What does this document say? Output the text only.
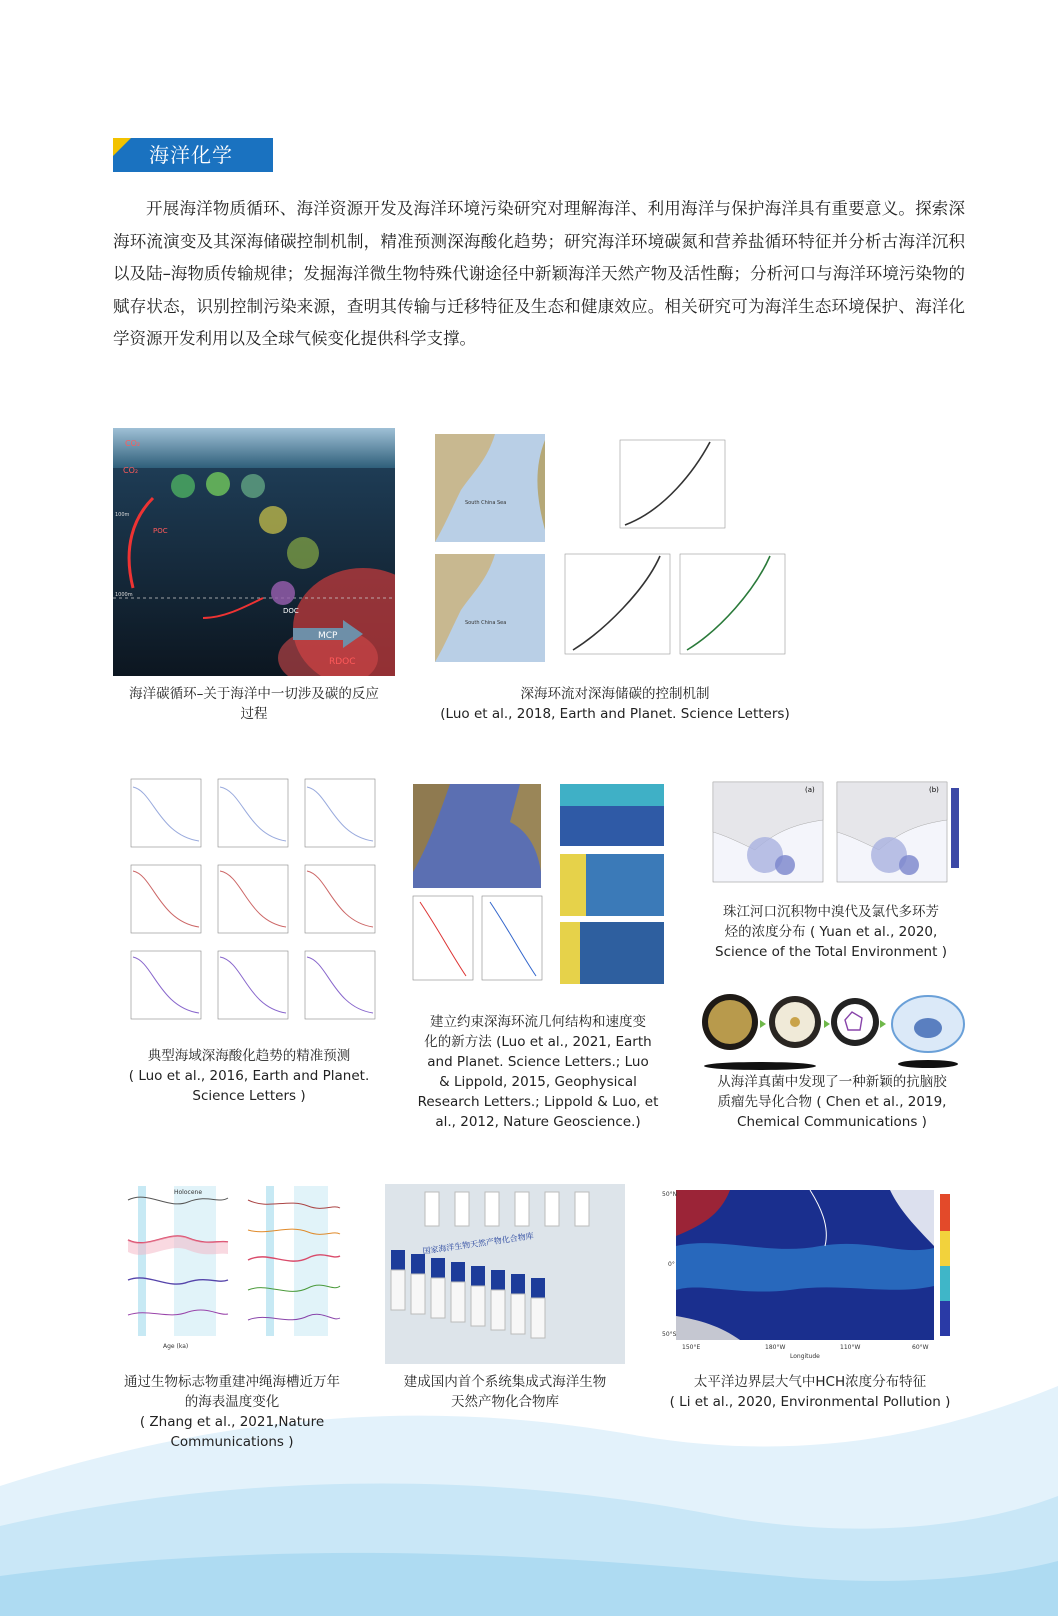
海洋化学
开展海洋物质循环、海洋资源开发及海洋环境污染研究对理解海洋、利用海洋与保护海洋具有重要意义。探索深海环流演变及其深海储碳控制机制，精准预测深海酸化趋势；研究海洋环境碳氮和营养盐循环特征并分析古海洋沉积以及陆–海物质传输规律；发掘海洋微生物特殊代谢途径中新颖海洋天然产物及活性酶；分析河口与海洋环境污染物的赋存状态，识别控制污染来源，查明其传输与迁移特征及生态和健康效应。相关研究可为海洋生态环境保护、海洋化学资源开发利用以及全球气候变化提供科学支撑。
CO₂
CO₂
POC
DOC
MCP
RDOC
100m
1000m
海洋碳循环–关于海洋中一切涉及碳的反应
过程
South China Sea
South China Sea
深海环流对深海储碳的控制机制
(Luo et al., 2018, Earth and Planet. Science Letters)
典型海域深海酸化趋势的精准预测
( Luo et al., 2016, Earth and Planet.
Science Letters )
建立约束深海环流几何结构和速度变
化的新方法 (Luo et al., 2021, Earth
and Planet. Science Letters.; Luo
& Lippold, 2015, Geophysical
Research Letters.; Lippold & Luo, et
al., 2012, Nature Geoscience.)
(a)	(b)
珠江河口沉积物中溴代及氯代多环芳
烃的浓度分布 ( Yuan et al., 2020,
Science of the Total Environment )
从海洋真菌中发现了一种新颖的抗脑胶
质瘤先导化合物 ( Chen et al., 2019,
Chemical Communications )
Holocene
Age (ka)
通过生物标志物重建冲绳海槽近万年
的海表温度变化
( Zhang et al., 2021,Nature
Communications )
国家海洋生物天然产物化合物库
建成国内首个系统集成式海洋生物
天然产物化合物库
50°N
0°
50°S
150°E	180°W	110°W	60°W
Longitude
太平洋边界层大气中HCH浓度分布特征
( Li et al., 2020, Environmental Pollution )
